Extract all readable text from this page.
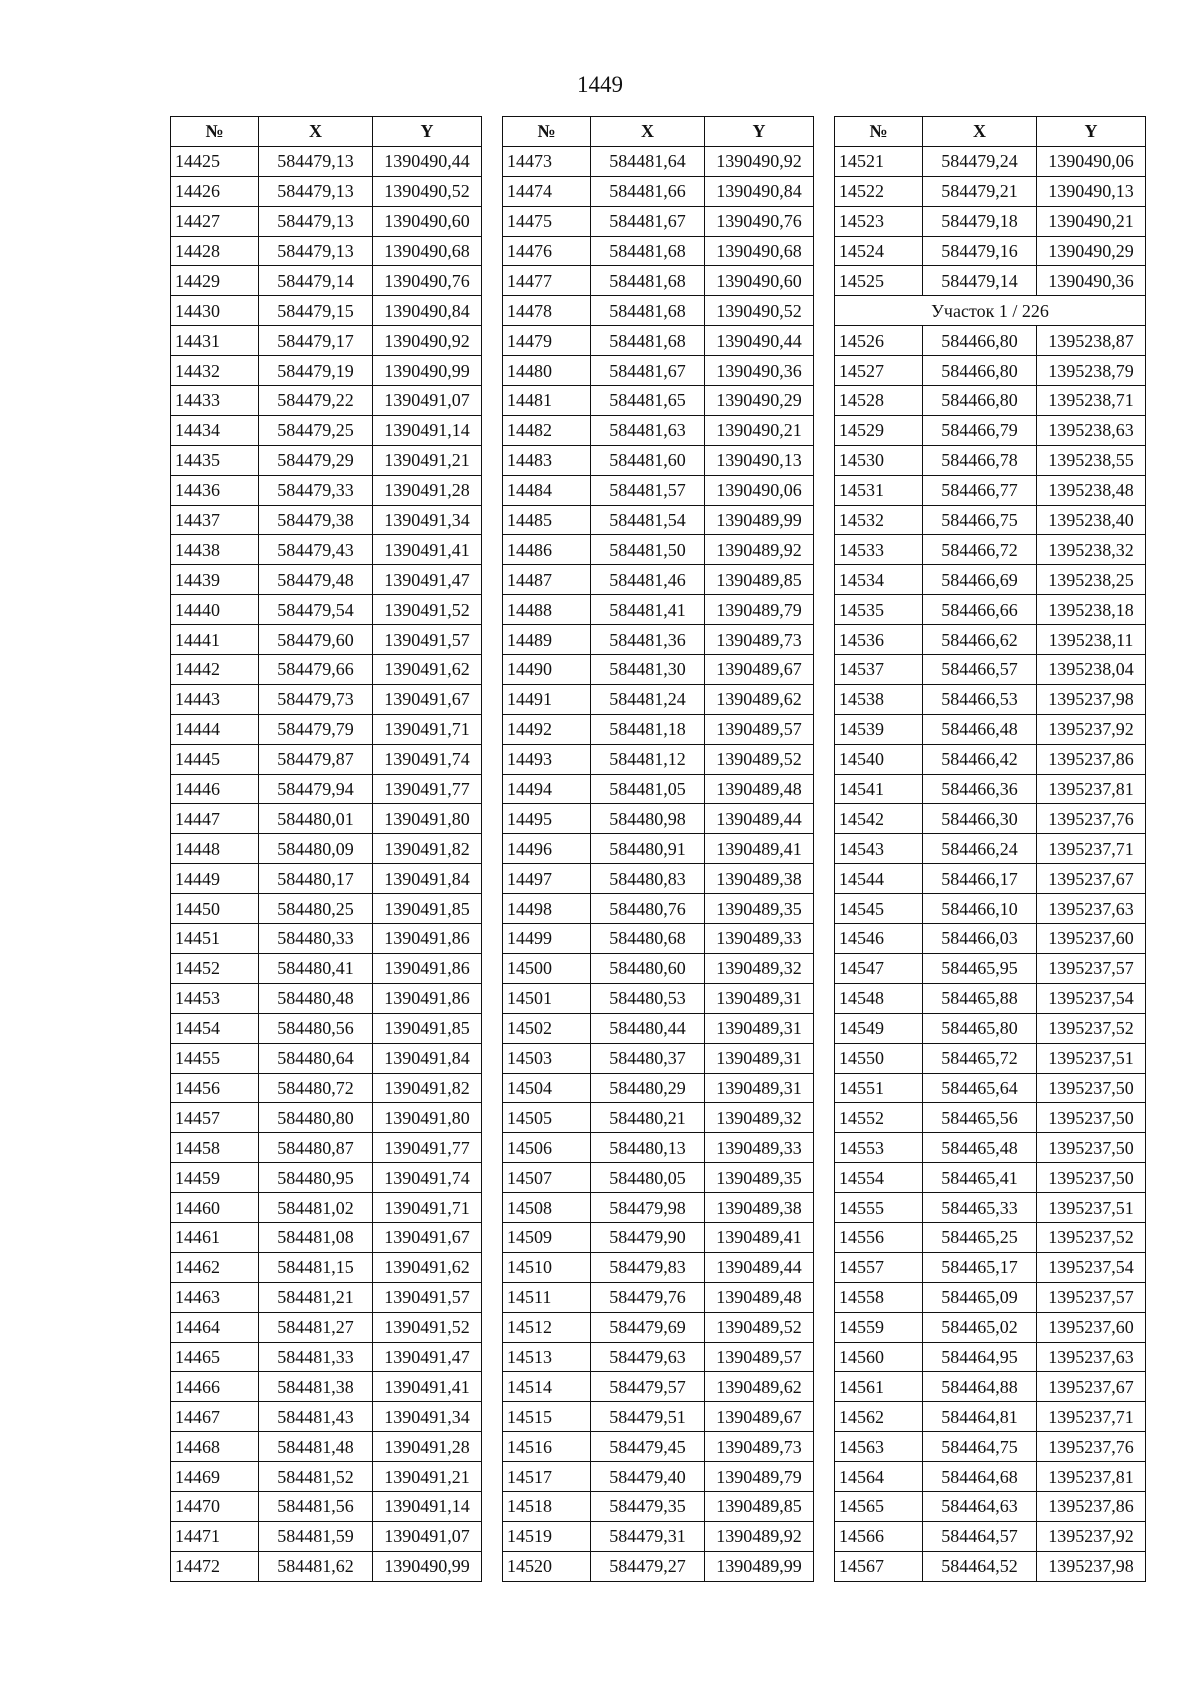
1449
№	X	Y
14425	584479,13	1390490,44
14426	584479,13	1390490,52
14427	584479,13	1390490,60
14428	584479,13	1390490,68
14429	584479,14	1390490,76
14430	584479,15	1390490,84
14431	584479,17	1390490,92
14432	584479,19	1390490,99
14433	584479,22	1390491,07
14434	584479,25	1390491,14
14435	584479,29	1390491,21
14436	584479,33	1390491,28
14437	584479,38	1390491,34
14438	584479,43	1390491,41
14439	584479,48	1390491,47
14440	584479,54	1390491,52
14441	584479,60	1390491,57
14442	584479,66	1390491,62
14443	584479,73	1390491,67
14444	584479,79	1390491,71
14445	584479,87	1390491,74
14446	584479,94	1390491,77
14447	584480,01	1390491,80
14448	584480,09	1390491,82
14449	584480,17	1390491,84
14450	584480,25	1390491,85
14451	584480,33	1390491,86
14452	584480,41	1390491,86
14453	584480,48	1390491,86
14454	584480,56	1390491,85
14455	584480,64	1390491,84
14456	584480,72	1390491,82
14457	584480,80	1390491,80
14458	584480,87	1390491,77
14459	584480,95	1390491,74
14460	584481,02	1390491,71
14461	584481,08	1390491,67
14462	584481,15	1390491,62
14463	584481,21	1390491,57
14464	584481,27	1390491,52
14465	584481,33	1390491,47
14466	584481,38	1390491,41
14467	584481,43	1390491,34
14468	584481,48	1390491,28
14469	584481,52	1390491,21
14470	584481,56	1390491,14
14471	584481,59	1390491,07
14472	584481,62	1390490,99
№	X	Y
14473	584481,64	1390490,92
14474	584481,66	1390490,84
14475	584481,67	1390490,76
14476	584481,68	1390490,68
14477	584481,68	1390490,60
14478	584481,68	1390490,52
14479	584481,68	1390490,44
14480	584481,67	1390490,36
14481	584481,65	1390490,29
14482	584481,63	1390490,21
14483	584481,60	1390490,13
14484	584481,57	1390490,06
14485	584481,54	1390489,99
14486	584481,50	1390489,92
14487	584481,46	1390489,85
14488	584481,41	1390489,79
14489	584481,36	1390489,73
14490	584481,30	1390489,67
14491	584481,24	1390489,62
14492	584481,18	1390489,57
14493	584481,12	1390489,52
14494	584481,05	1390489,48
14495	584480,98	1390489,44
14496	584480,91	1390489,41
14497	584480,83	1390489,38
14498	584480,76	1390489,35
14499	584480,68	1390489,33
14500	584480,60	1390489,32
14501	584480,53	1390489,31
14502	584480,44	1390489,31
14503	584480,37	1390489,31
14504	584480,29	1390489,31
14505	584480,21	1390489,32
14506	584480,13	1390489,33
14507	584480,05	1390489,35
14508	584479,98	1390489,38
14509	584479,90	1390489,41
14510	584479,83	1390489,44
14511	584479,76	1390489,48
14512	584479,69	1390489,52
14513	584479,63	1390489,57
14514	584479,57	1390489,62
14515	584479,51	1390489,67
14516	584479,45	1390489,73
14517	584479,40	1390489,79
14518	584479,35	1390489,85
14519	584479,31	1390489,92
14520	584479,27	1390489,99
№	X	Y
14521	584479,24	1390490,06
14522	584479,21	1390490,13
14523	584479,18	1390490,21
14524	584479,16	1390490,29
14525	584479,14	1390490,36
Участок 1 / 226		
14526	584466,80	1395238,87
14527	584466,80	1395238,79
14528	584466,80	1395238,71
14529	584466,79	1395238,63
14530	584466,78	1395238,55
14531	584466,77	1395238,48
14532	584466,75	1395238,40
14533	584466,72	1395238,32
14534	584466,69	1395238,25
14535	584466,66	1395238,18
14536	584466,62	1395238,11
14537	584466,57	1395238,04
14538	584466,53	1395237,98
14539	584466,48	1395237,92
14540	584466,42	1395237,86
14541	584466,36	1395237,81
14542	584466,30	1395237,76
14543	584466,24	1395237,71
14544	584466,17	1395237,67
14545	584466,10	1395237,63
14546	584466,03	1395237,60
14547	584465,95	1395237,57
14548	584465,88	1395237,54
14549	584465,80	1395237,52
14550	584465,72	1395237,51
14551	584465,64	1395237,50
14552	584465,56	1395237,50
14553	584465,48	1395237,50
14554	584465,41	1395237,50
14555	584465,33	1395237,51
14556	584465,25	1395237,52
14557	584465,17	1395237,54
14558	584465,09	1395237,57
14559	584465,02	1395237,60
14560	584464,95	1395237,63
14561	584464,88	1395237,67
14562	584464,81	1395237,71
14563	584464,75	1395237,76
14564	584464,68	1395237,81
14565	584464,63	1395237,86
14566	584464,57	1395237,92
14567	584464,52	1395237,98
